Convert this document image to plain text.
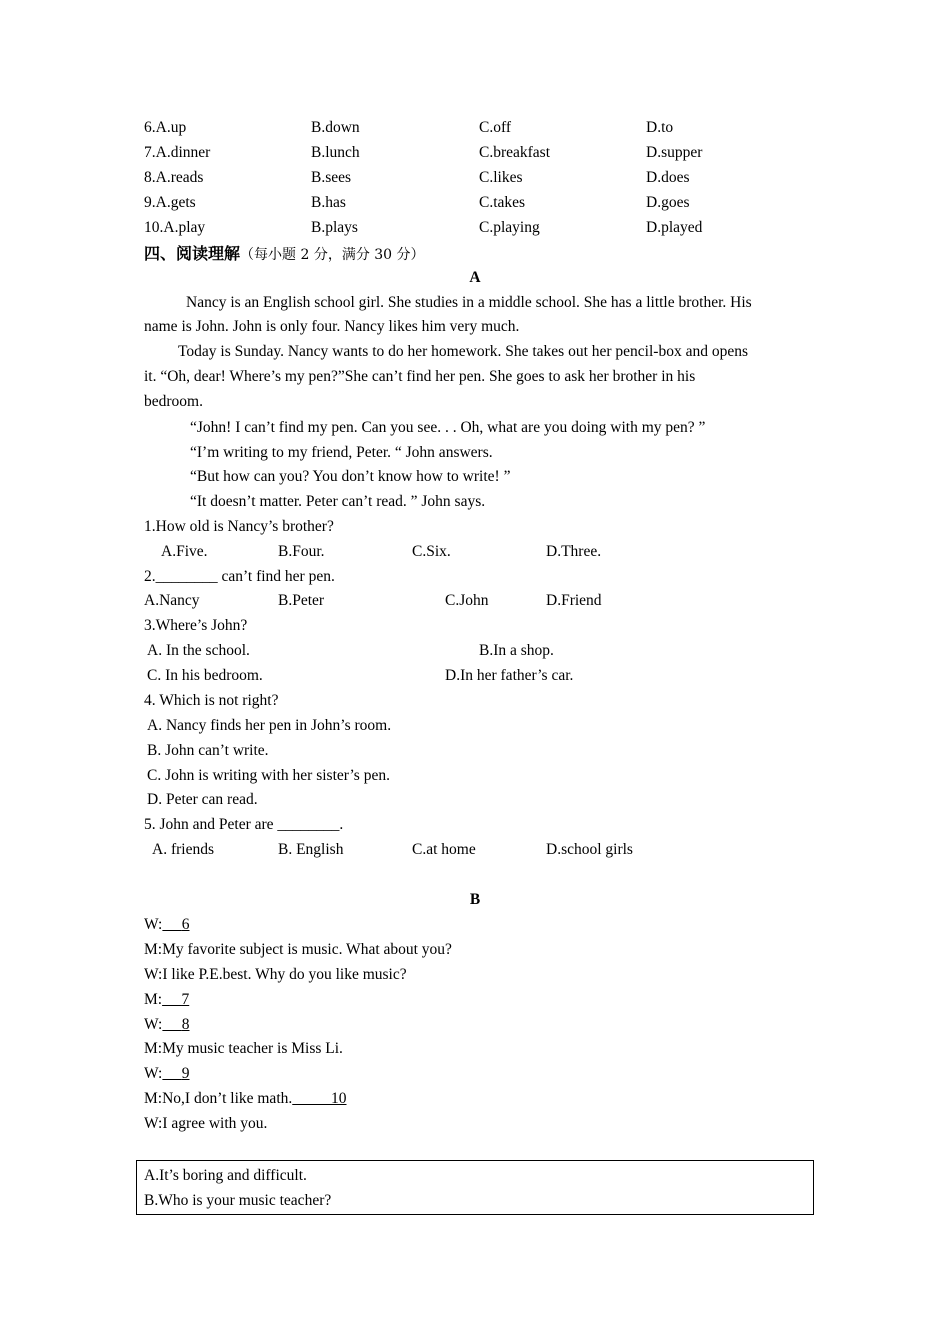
6.A.up	B.down	C.off	D.to
7.A.dinner	B.lunch	C.breakfast	D.supper
8.A.reads	B.sees	C.likes	D.does
9.A.gets	B.has	C.takes	D.goes
10.A.play	B.plays	C.playing	D.played
四、阅读理解（每小题 2 分，满分 30 分）
A
Nancy is an English school girl. She studies in a middle school. She has a little brother. His
name is John. John is only four. Nancy likes him very much.
Today is Sunday. Nancy wants to do her homework. She takes out her pencil-box and opens
it. “Oh, dear! Where’s my pen?”She can’t find her pen. She goes to ask her brother in his
bedroom.
“John! I can’t find my pen. Can you see. . . Oh, what are you doing with my pen? ”
“I’m writing to my friend, Peter. “ John answers.
“But how can you? You don’t know how to write! ”
“It doesn’t matter. Peter can’t read. ” John says.
1.How old is Nancy’s brother?
A.Five.	B.Four.	C.Six.	D.Three.
2.________ can’t find her pen.
A.Nancy	B.Peter	C.John	D.Friend
3.Where’s John?
A. In the school.	B.In a shop.
C. In his bedroom.	D.In her father’s car.
4. Which is not right?
A. Nancy finds her pen in John’s room.
B. John can’t write.
C. John is writing with her sister’s pen.
D. Peter can read.
5. John and Peter are ________.
A. friends	B. English	C.at home	D.school girls
B
W: 6
M:My favorite subject is music. What about you?
W:I like P.E.best. Why do you like music?
M: 7
W: 8
M:My music teacher is Miss Li.
W: 9
M:No,I don’t like math.	10
W:I agree with you.
A.It’s boring and difficult.
B.Who is your music teacher?
